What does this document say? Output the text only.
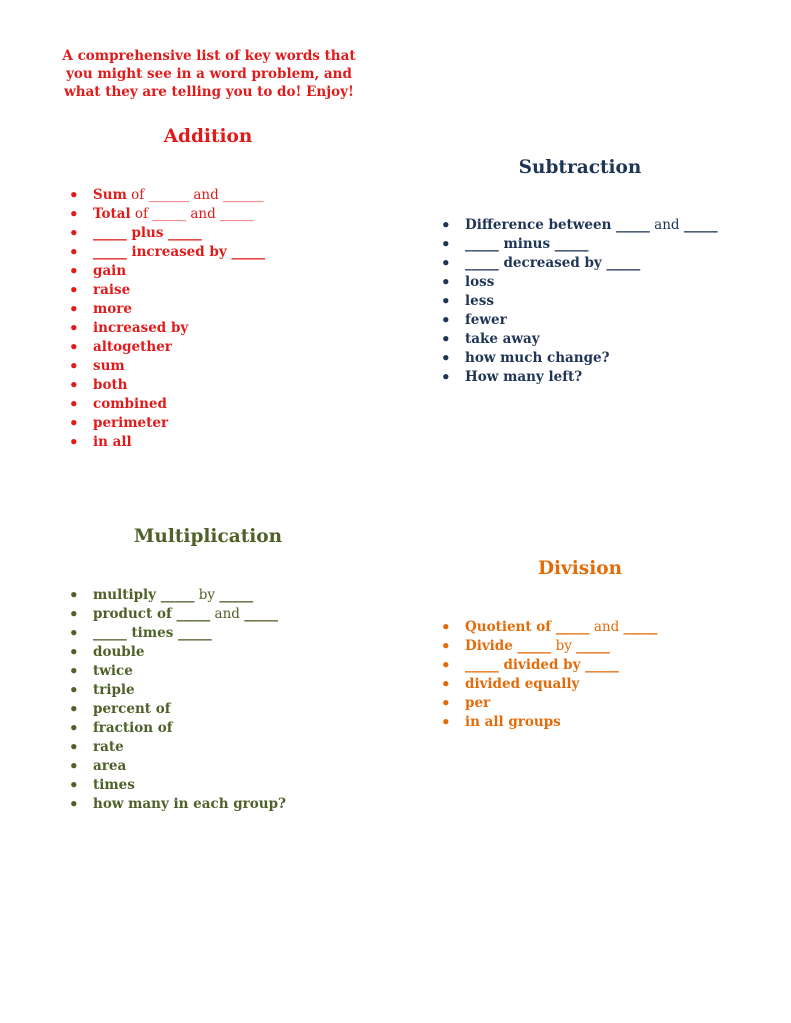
A comprehensive list of key words that you might see in a word problem, and what they are telling you to do! Enjoy!

Addition
• Sum of ______ and ______
• Total of _____ and _____
• _____ plus _____
• _____ increased by _____
• gain
• raise
• more
• increased by
• altogether
• sum
• both
• combined
• perimeter
• in all
Subtraction
• Difference between _____ and _____
• _____ minus _____
• _____ decreased by _____
• loss
• less
• fewer
• take away
• how much change?
• How many left?
Multiplication
• multiply _____ by _____
• product of _____ and _____
• _____ times _____
• double
• twice
• triple
• percent of
• fraction of
• rate
• area
• times
• how many in each group?
Division
• Quotient of _____ and _____
• Divide _____ by _____
• _____ divided by _____
• divided equally
• per
• in all groups
